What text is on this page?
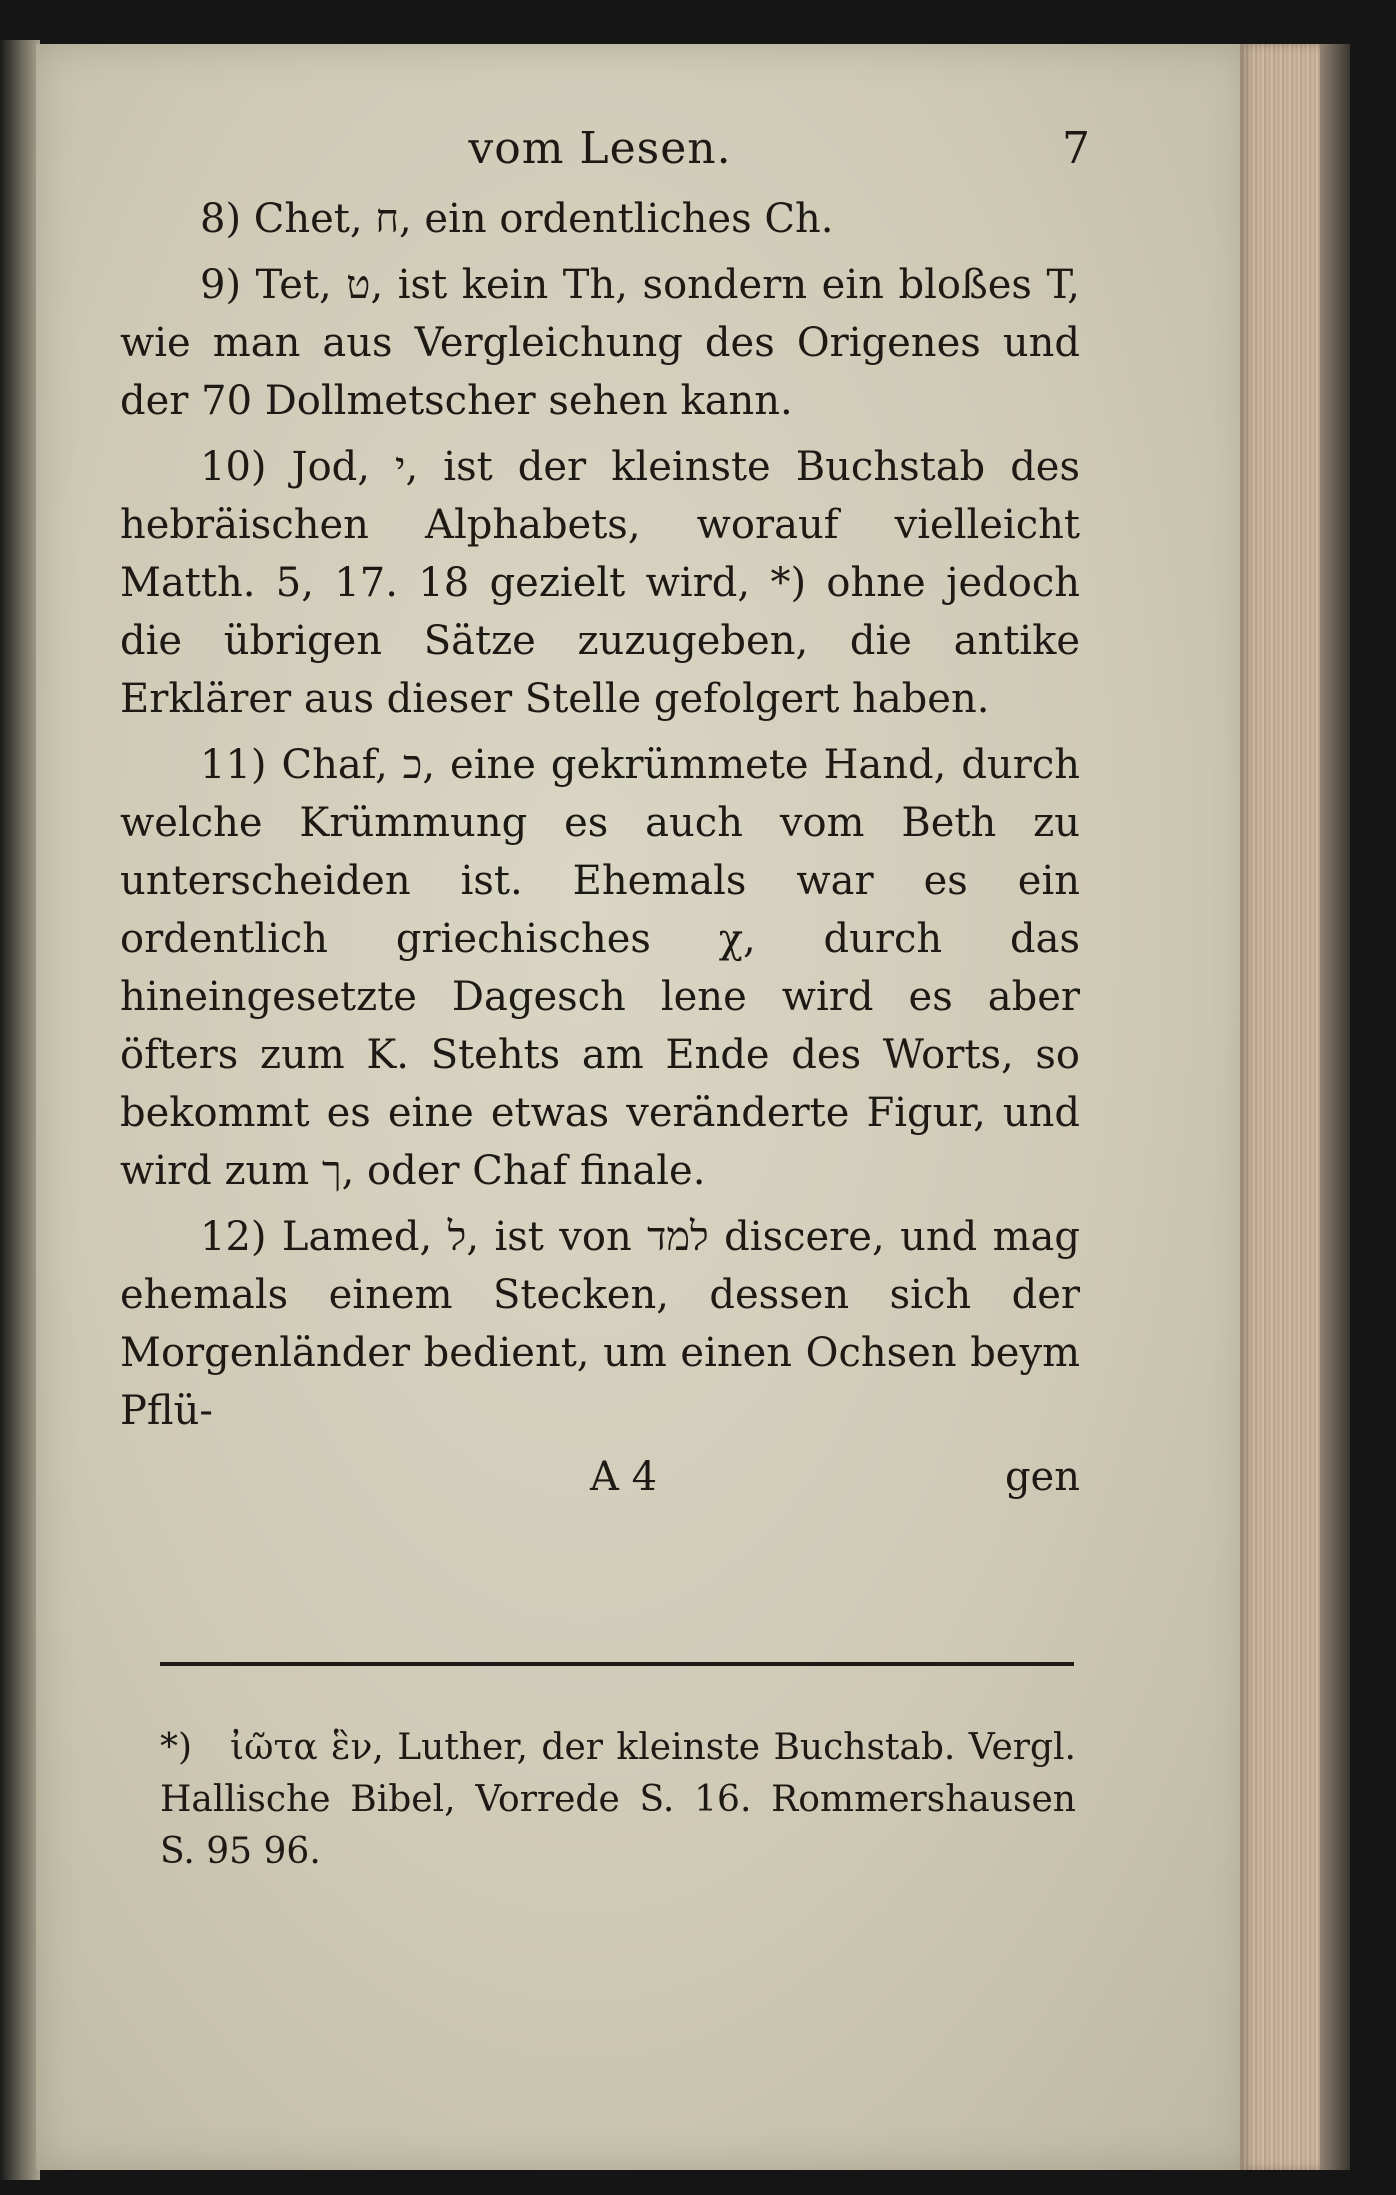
vom Lesen.	7

8) Chet, ח, ein ordentliches Ch.

9) Tet, ט, ist kein Th, sondern ein bloßes T, wie man aus Vergleichung des Origenes und der 70 Dollmetscher sehen kann.

10) Jod, י, ist der kleinste Buchstab des hebräischen Alphabets, worauf vielleicht Matth. 5, 17. 18 gezielt wird, *) ohne jedoch die übrigen Sätze zuzugeben, die antike Erklärer aus dieser Stelle gefolgert haben.

11) Chaf, כ, eine gekrümmete Hand, durch welche Krümmung es auch vom Beth zu unterscheiden ist. Ehemals war es ein ordentlich griechisches χ, durch das hineingesetzte Dagesch lene wird es aber öfters zum K. Stehts am Ende des Worts, so bekommt es eine etwas veränderte Figur, und wird zum ך, oder Chaf finale.

12) Lamed, ל, ist von למד discere, und mag ehemals einem Stecken, dessen sich der Morgenländer bedient, um einen Ochsen beym Pflü-

A 4	gen
*) ἰῶτα ἓν, Luther, der kleinste Buchstab. Vergl. Hallische Bibel, Vorrede S. 16. Rommershausen S. 95 96.
